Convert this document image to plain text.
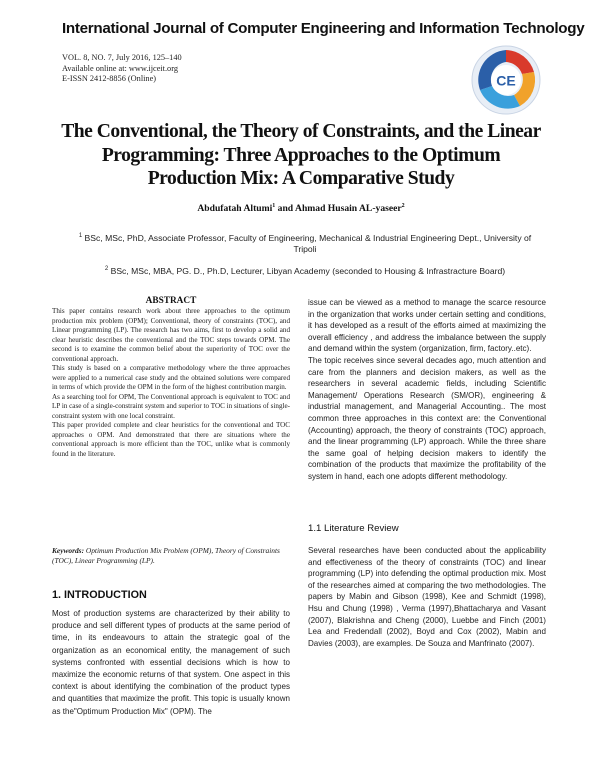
International Journal of Computer Engineering and Information Technology
VOL. 8, NO. 7, July 2016, 125–140
Available online at: www.ijceit.org
E-ISSN 2412-8856 (Online)	CE
The Conventional, the Theory of Constraints, and the Linear Programming: Three Approaches to the Optimum Production Mix: A Comparative Study
Abdufatah Altumi$^1$ and Ahmad Husain AL-yaseer$^2$
$^1$ BSc, MSc, PhD, Associate Professor, Faculty of Engineering, Mechanical & Industrial Engineering Dept., University of Tripoli
$^2$ BSc, MSc, MBA, PG. D., Ph.D, Lecturer, Libyan Academy (seconded to Housing & Infrastracture Board)
ABSTRACT

This paper contains research work about three approaches to the optimum production mix problem (OPM); Conventional, theory of constraints (TOC), and Linear programming (LP). The research has two aims, first to develop a solid and clear heuristic describes the conventional and the TOC steps towards OPM. The second is to examine the common belief about the superiority of TOC over the conventional approach.

This study is based on a comparative methodology where the three approaches were applied to a numerical case study and the obtained solutions were compared in terms of which provide the OPM in the form of the highest contribution margin.

As a searching tool for OPM, The Conventional approach is equivalent to TOC and LP in case of a single-constraint system and superior to TOC in situations of single-constraint system with one local constraint.

This paper provided complete and clear heuristics for the conventional and TOC approaches o OPM. And demonstrated that there are situations where the conventional approach is more efficient than the TOC, unlike what is commonly found in the literature.

Keywords: Optimum Production Mix Problem (OPM), Theory of Constraints (TOC), Linear Programming (LP).
1. INTRODUCTION
Most of production systems are characterized by their ability to produce and sell different types of products at the same period of time, in its endeavours to attain the strategic goal of the organization as an economical entity, the management of such systems confronted with essential decisions which is how to maximize the economic returns of that system. One aspect in this context is about identifying the combination of the product types and quantities that maximize the profit. This topic is usually known as the"Optimum Production Mix" (OPM). The

issue can be viewed as a method to manage the scarce resource in the organization that works under certain setting and conditions, it has developed as a result of the efforts aimed at maximizing the overall efficiency , and address the imbalance between the supply and demand within the system (organization, firm, factory..etc).

The topic receives since several decades ago, much attention and care from the planners and decision makers, as well as the researchers in several academic fields, including Scientific Management/ Operations Research (SM/OR), engineering & industrial management, and Managerial Accounting.. The most common three approaches in this context are: the Conventional (Accounting) approach, the theory of constraints (TOC) approach, and the linear programming (LP) approach. While the three share the same goal of helping decision makers to identify the combination of the products that maximize the profitability of the system in hand, each one adopts different methodology.

1.1 Literature Review
Several researches have been conducted about the applicability and effectiveness of the theory of constraints (TOC) and linear programming (LP) into defending the optimal production mix. Most of the researches aimed at comparing the two methodologies. The papers by Mabin and Gibson (1998), Kee and Schmidt (1998), Hsu and Chung (1998) , Verma (1997),Bhattacharya and Vasant (2007), Blakrishna and Cheng (2000), Luebbe and Finch (2001) Lea and Fredendall (2002), Boyd and Cox (2002), Mabin and Davies (2003), are examples. De Souza and Manfrinato (2007).
